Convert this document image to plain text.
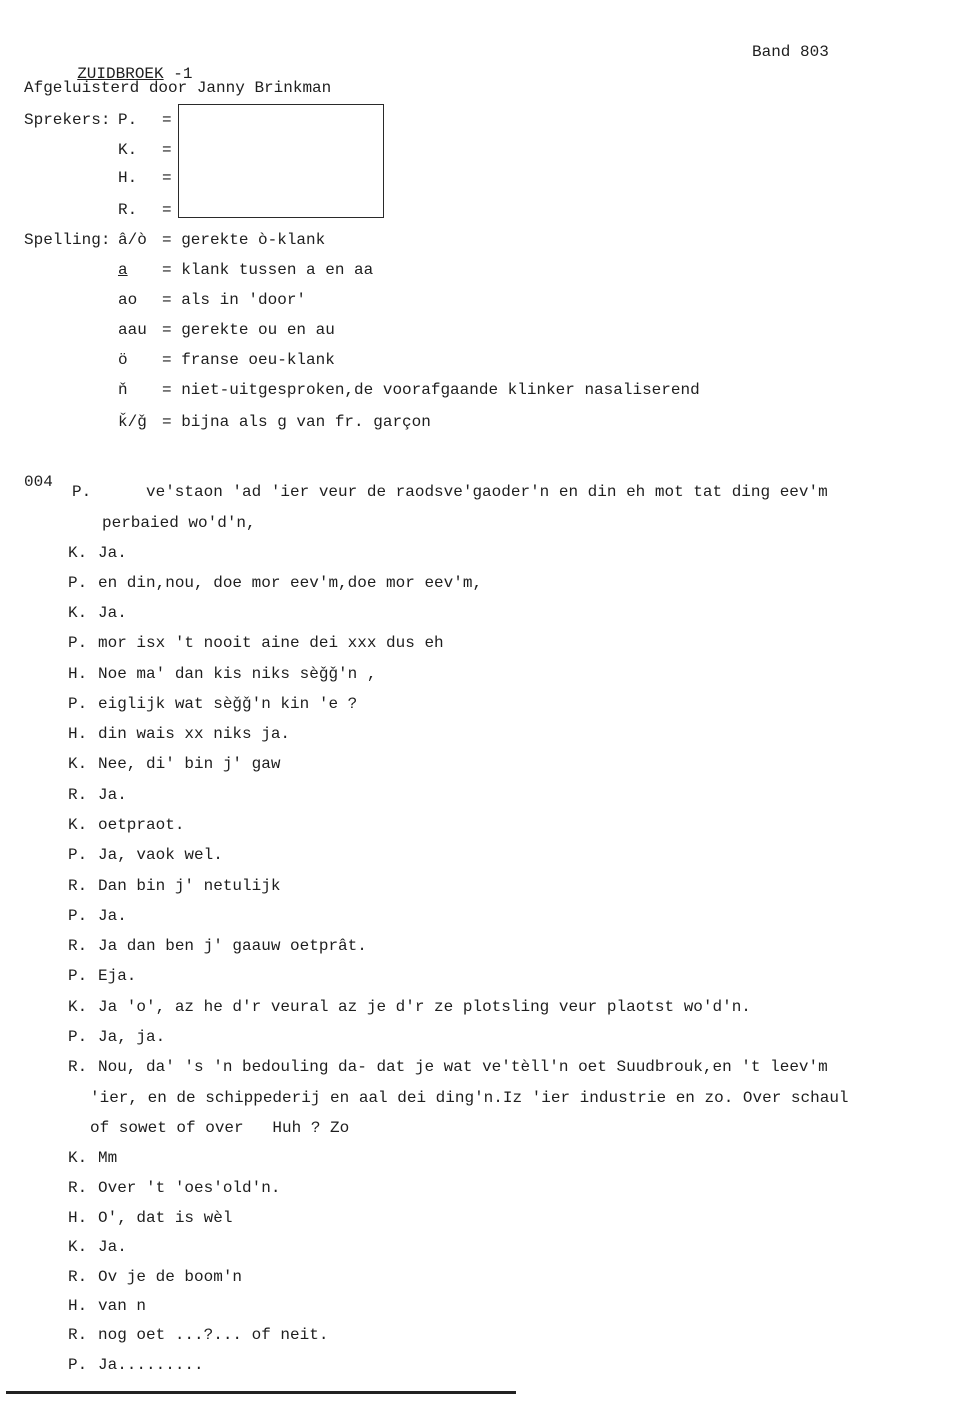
ZUIDBROEK -1

Band 803
Afgeluisterd door Janny Brinkman
Sprekers: P. =
K. =
H. =
R. =
Spelling: â/ò = gerekte ò-klank
a = klank tussen a en aa
ao = als in 'door'
aau = gerekte ou en au
ö = franse oeu-klank
ň = niet-uitgesproken,de voorafgaande klinker nasaliserend
ǩ/ǧ = bijna als g van fr. garçon
004
P.	ve'staon 'ad 'ier veur de raodsve'gaoder'n en din eh mot tat ding eev'm
perbaied wo'd'n,
K. Ja.
P. en din,nou, doe mor eev'm,doe mor eev'm,
K. Ja.
P. mor isx 't nooit aine dei xxx dus eh
H. Noe ma' dan kis niks sèǧǧ'n ,
P. eiglijk wat sèǧǧ'n kin 'e ?
H. din wais xx niks ja.
K. Nee, di' bin j' gaw
R. Ja.
K. oetpraot.
P. Ja, vaok wel.
R. Dan bin j' netulijk
P. Ja.
R. Ja dan ben j' gaauw oetprât.
P. Eja.
K. Ja 'o', az he d'r veural az je d'r ze plotsling veur plaotst wo'd'n.
P. Ja, ja.
R. Nou, da' 's 'n bedouling da- dat je wat ve'tèll'n oet Suudbrouk,en 't leev'm
'ier, en de schippederij en aal dei ding'n.Iz 'ier industrie en zo. Over schaul
of sowet of over   Huh ? Zo
K. Mm
R. Over 't 'oes'old'n.
H. O', dat is wèl
K. Ja.
R. Ov je de boom'n
H. van n
R. nog oet ...?... of neit.
P. Ja.........
